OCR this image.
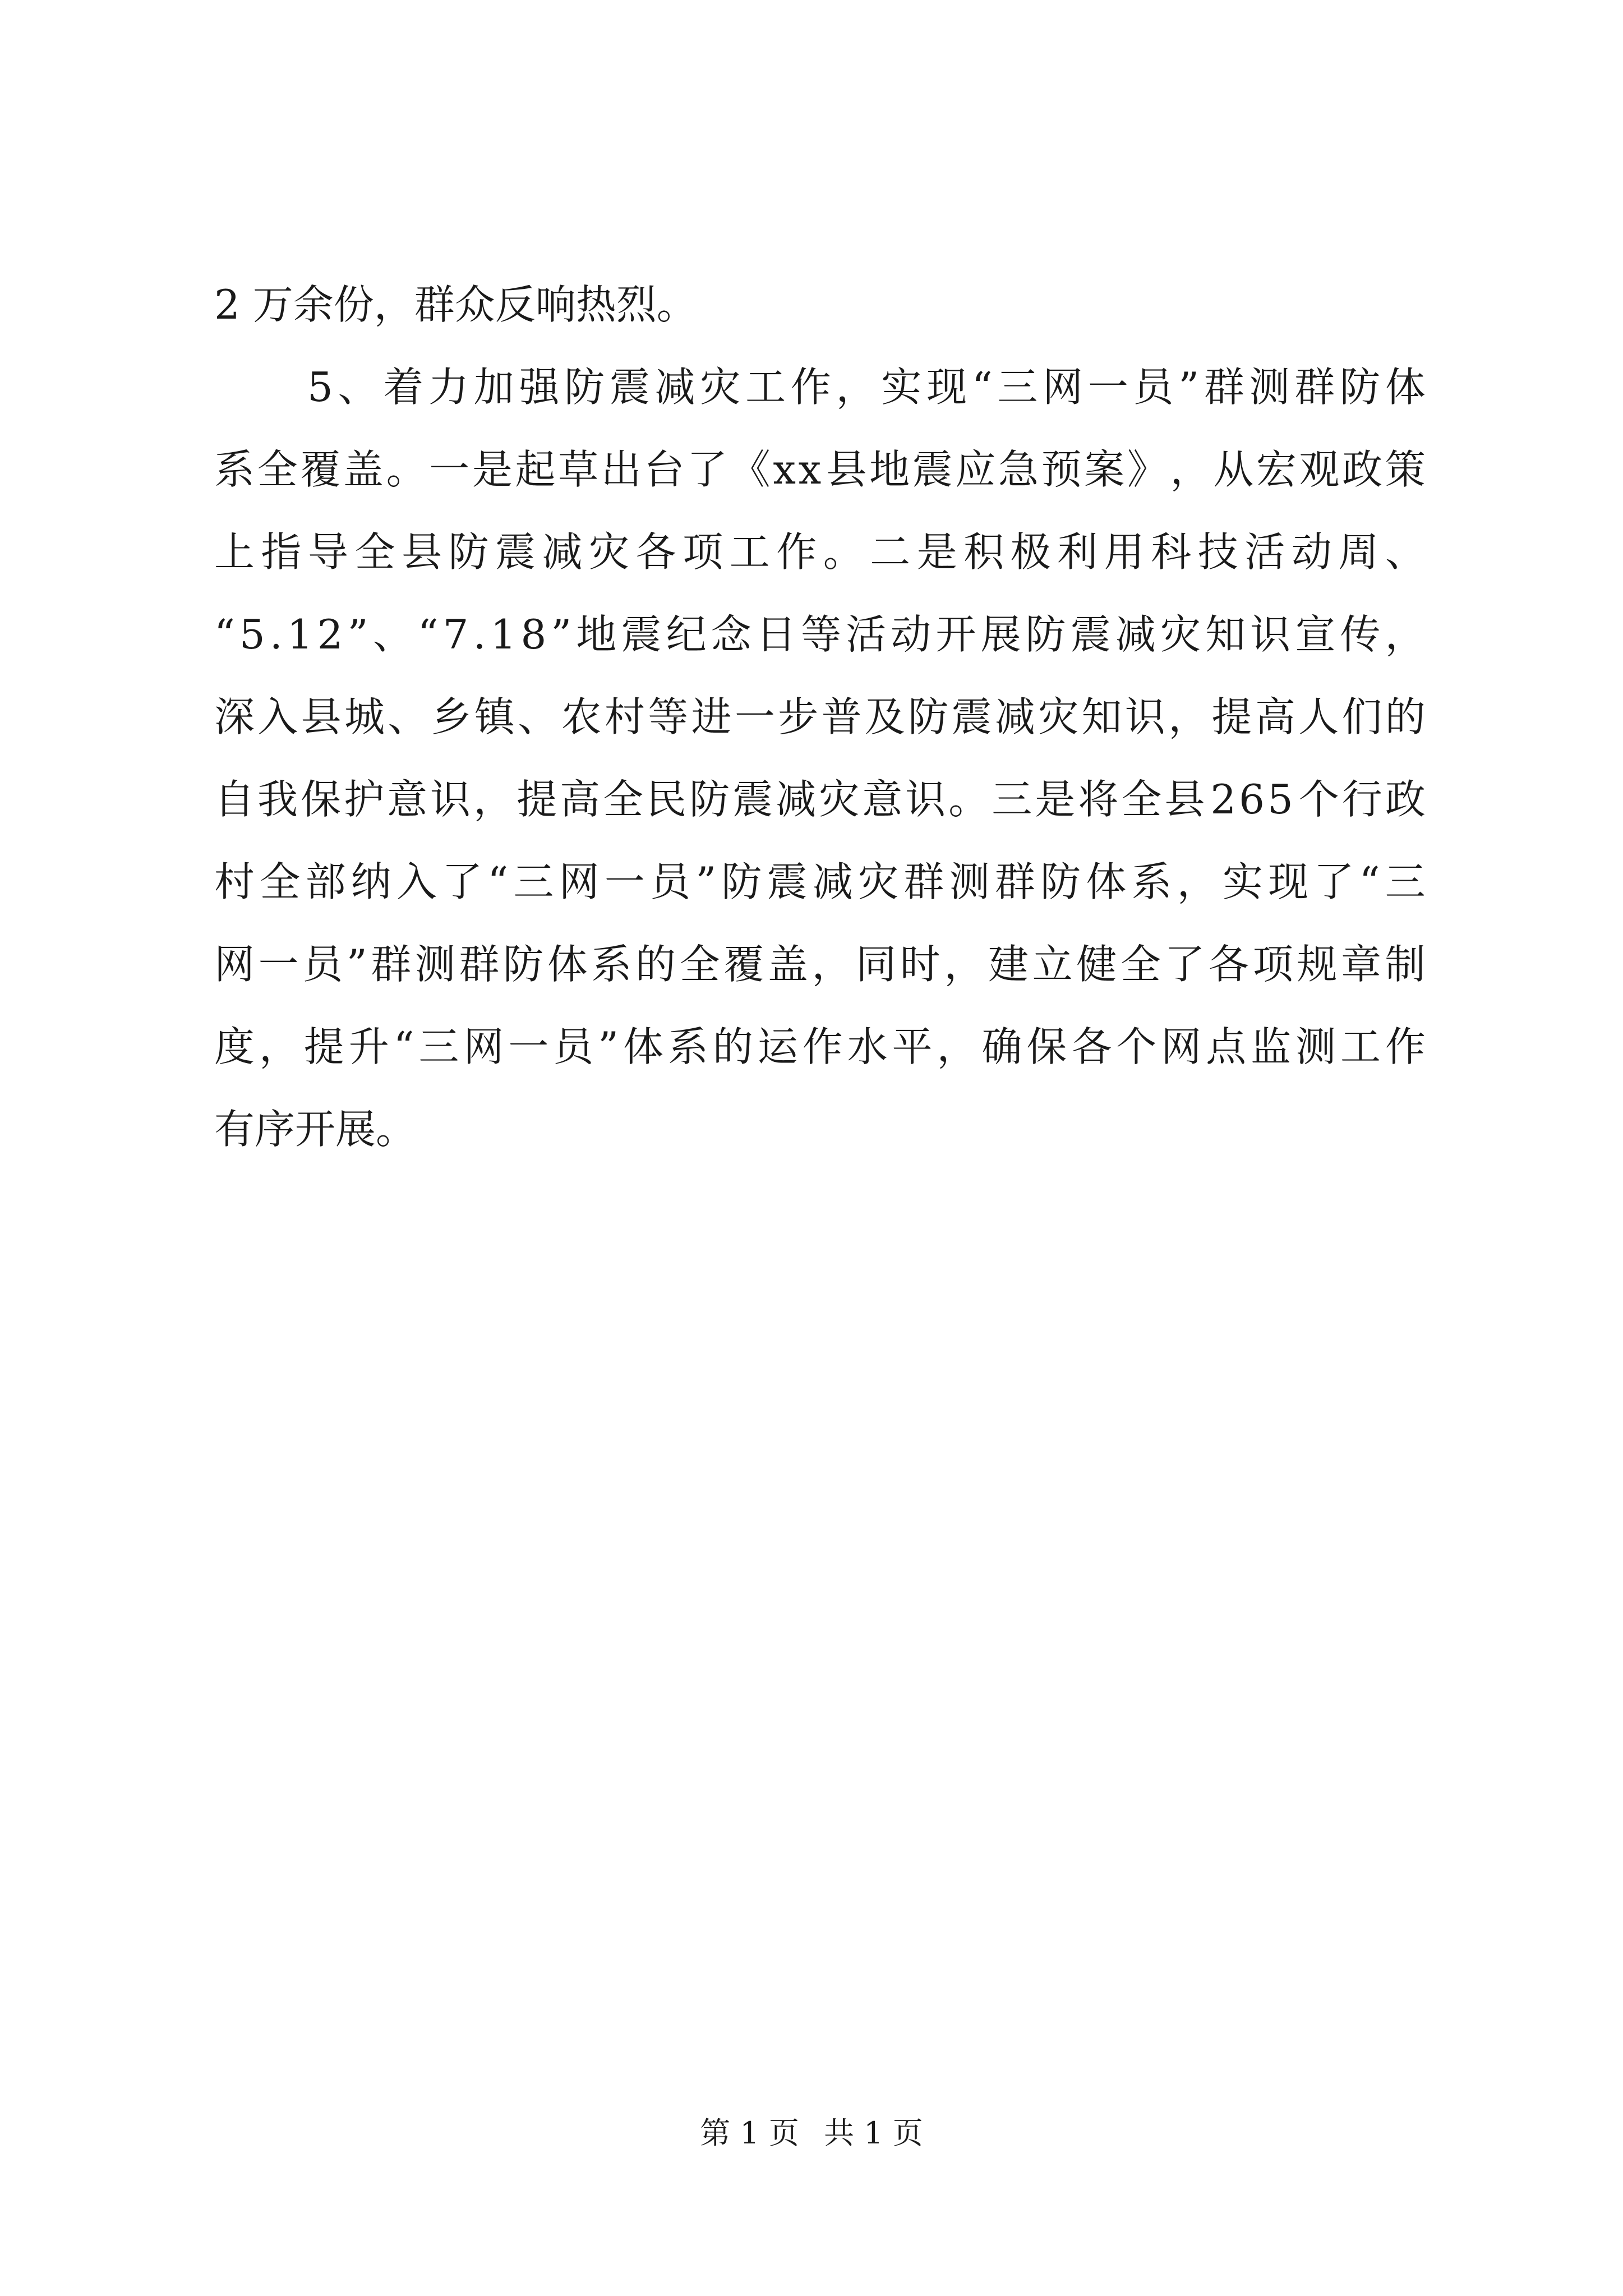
2 万余份，群众反响热烈。
5 、 着 力 加 强 防 震 减 灾 工 作 ， 实 现 “ 三 网 一 员 ” 群 测 群 防 体
系 全 覆 盖 。 一 是 起 草 出 台 了 《 x x 县 地 震 应 急 预 案 》 ， 从 宏 观 政 策
上 指 导 全 县 防 震 减 灾 各 项 工 作 。 二 是 积 极 利 用 科 技 活 动 周 、
“ 5 . 1 2 ” 、 “ 7 . 1 8 ” 地 震 纪 念 日 等 活 动 开 展 防 震 减 灾 知 识 宣 传 ，
深 入 县 城 、 乡 镇 、 农 村 等 进 一 步 普 及 防 震 减 灾 知 识 ， 提 高 人 们 的
自 我 保 护 意 识 ， 提 高 全 民 防 震 减 灾 意 识 。 三 是 将 全 县 2 6 5 个 行 政
村 全 部 纳 入 了 “ 三 网 一 员 ” 防 震 减 灾 群 测 群 防 体 系 ， 实 现 了 “ 三
网 一 员 ” 群 测 群 防 体 系 的 全 覆 盖 ， 同 时 ， 建 立 健 全 了 各 项 规 章 制
度 ， 提 升 “ 三 网 一 员 ” 体 系 的 运 作 水 平 ， 确 保 各 个 网 点 监 测 工 作
有序开展。
第 1 页 共 1 页
